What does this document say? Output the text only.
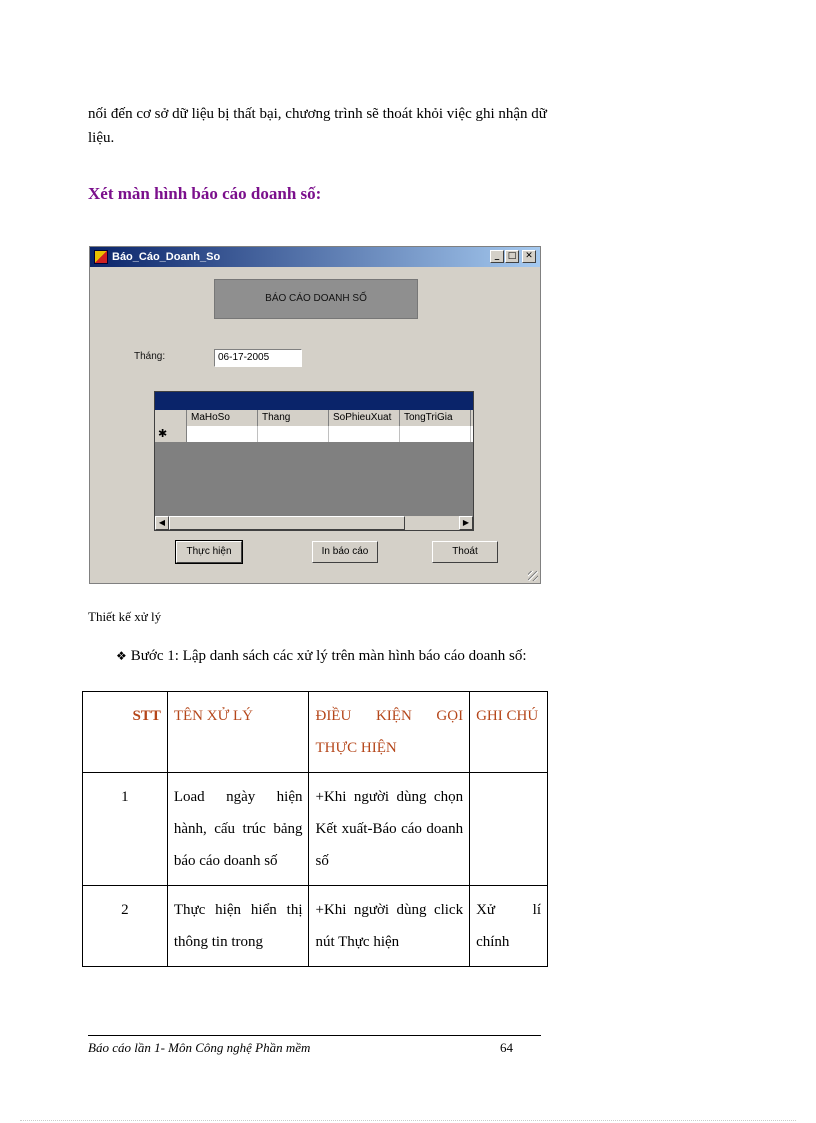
nối đến cơ sở dữ liệu bị thất bại, chương trình sẽ thoát khỏi việc ghi nhận dữ liệu.
Xét màn hình báo cáo doanh số:
Báo_Cáo_Doanh_So	_ □ ✕
BÁO CÁO DOANH SỐ
Tháng:	06-17-2005
MaHoSo	Thang	SoPhieuXuat	TongTriGia
✱
◀	▶
Thực hiện	In báo cáo	Thoát
Thiết kế xử lý
❖ Bước 1: Lập danh sách các xử lý trên màn hình báo cáo doanh số:
STT	TÊN XỬ LÝ	ĐIỀU KIỆN GỌI THỰC HIỆN	GHI CHÚ
1	Load ngày hiện hành, cấu trúc bảng báo cáo doanh số	+Khi người dùng chọn Kết xuất-Báo cáo doanh số	
2	Thực hiện hiển thị thông tin trong	+Khi người dùng click nút Thực hiện	Xử lí chính
Báo cáo lần 1- Môn Công nghệ Phần mềm	64
